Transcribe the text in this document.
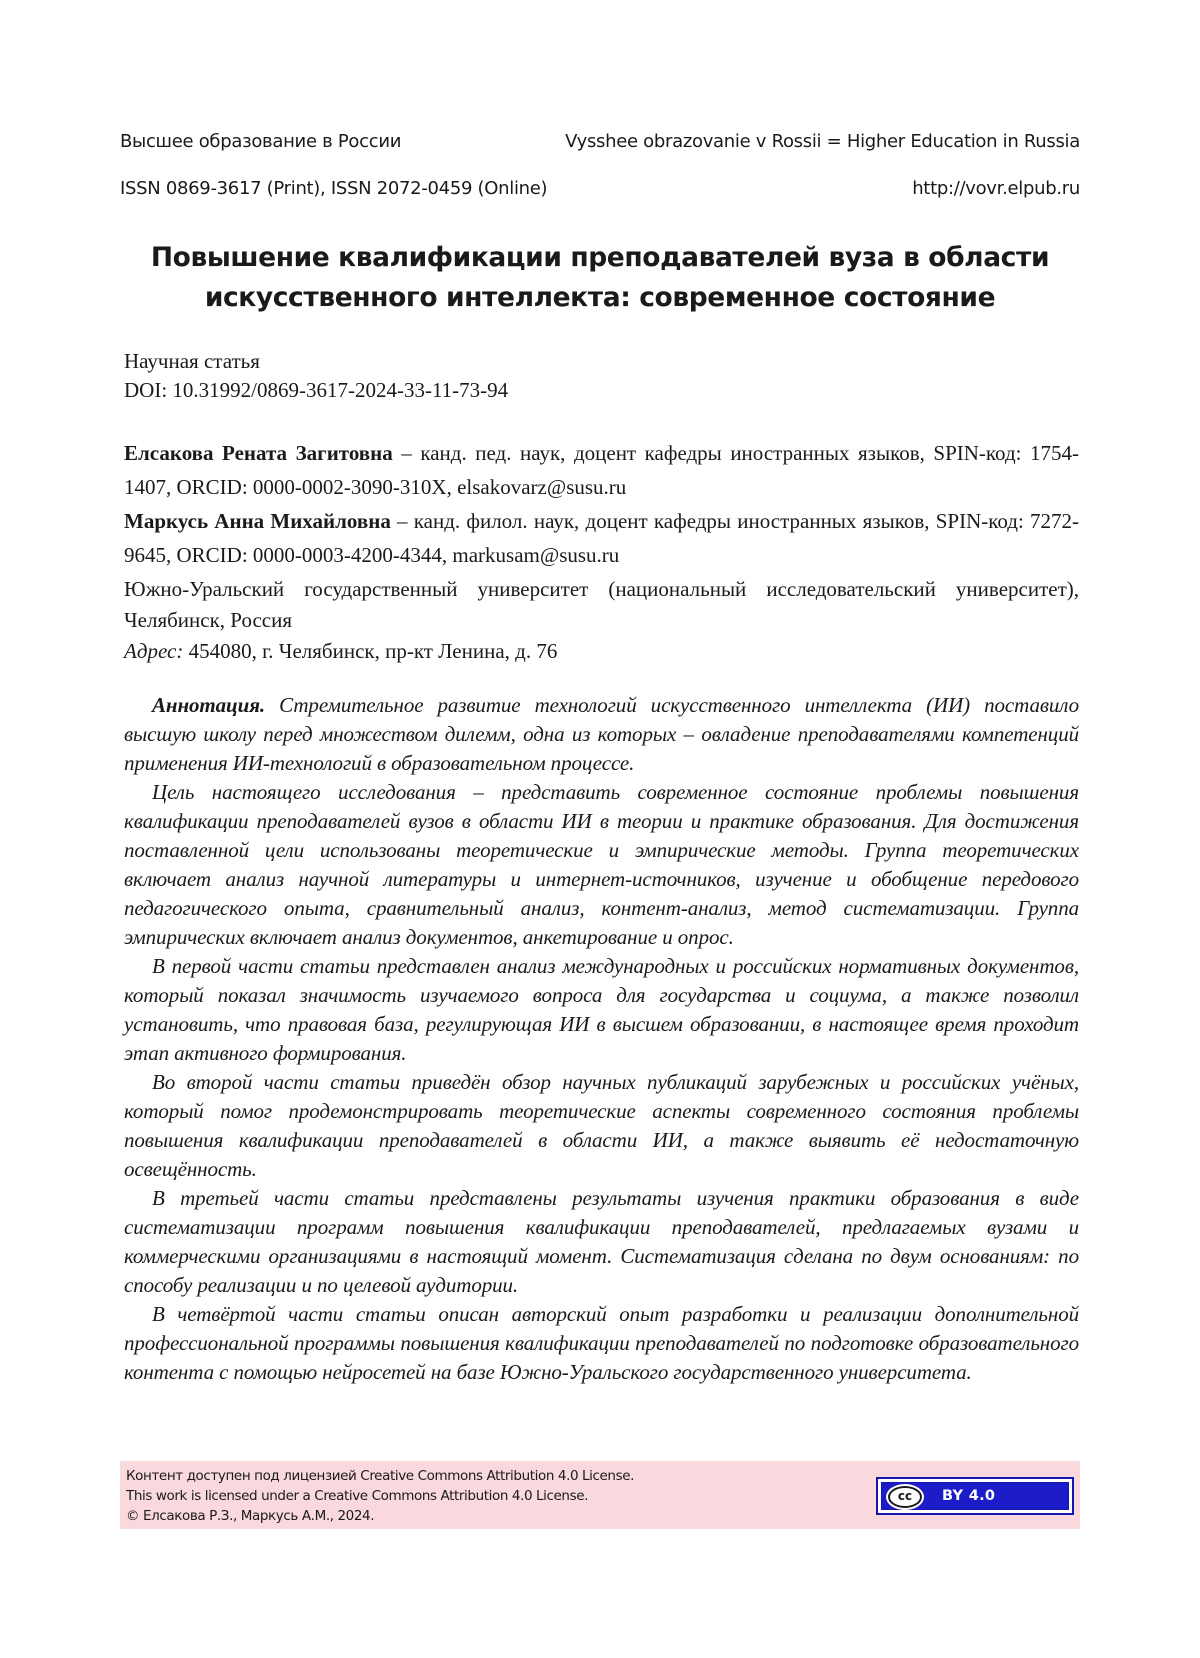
Высшее образование в России	Vysshee obrazovanie v Rossii = Higher Education in Russia
ISSN 0869-3617 (Print), ISSN 2072-0459 (Online)	http://vovr.elpub.ru
Повышение квалификации преподавателей вуза в области
искусственного интеллекта: современное состояние
Научная статья
DOI: 10.31992/0869-3617-2024-33-11-73-94

Елсакова Рената Загитовна – канд. пед. наук, доцент кафедры иностранных языков, SPIN-код: 1754-1407, ORCID: 0000-0002-3090-310X, elsakovarz@susu.ru

Маркусь Анна Михайловна – канд. филол. наук, доцент кафедры иностранных языков, SPIN-код: 7272-9645, ORCID: 0000-0003-4200-4344, markusam@susu.ru

Южно-Уральский государственный университет (национальный исследовательский университет), Челябинск, Россия
Адрес: 454080, г. Челябинск, пр-кт Ленина, д. 76

Аннотация. Стремительное развитие технологий искусственного интеллекта (ИИ) поставило высшую школу перед множеством дилемм, одна из которых – овладение преподавателями компетенций применения ИИ-технологий в образовательном процессе.

Цель настоящего исследования – представить современное состояние проблемы повышения квалификации преподавателей вузов в области ИИ в теории и практике образования. Для достижения поставленной цели использованы теоретические и эмпирические методы. Группа теоретических включает анализ научной литературы и интернет-источников, изучение и обобщение передового педагогического опыта, сравнительный анализ, контент-анализ, метод систематизации. Группа эмпирических включает анализ документов, анкетирование и опрос.

В первой части статьи представлен анализ международных и российских нормативных документов, который показал значимость изучаемого вопроса для государства и социума, а также позволил установить, что правовая база, регулирующая ИИ в высшем образовании, в настоящее время проходит этап активного формирования.

Во второй части статьи приведён обзор научных публикаций зарубежных и российских учёных, который помог продемонстрировать теоретические аспекты современного состояния проблемы повышения квалификации преподавателей в области ИИ, а также выявить её недостаточную освещённость.

В третьей части статьи представлены результаты изучения практики образования в виде систематизации программ повышения квалификации преподавателей, предлагаемых вузами и коммерческими организациями в настоящий момент. Систематизация сделана по двум основаниям: по способу реализации и по целевой аудитории.

В четвёртой части статьи описан авторский опыт разработки и реализации дополнительной профессиональной программы повышения квалификации преподавателей по подготовке образовательного контента с помощью нейросетей на базе Южно-Уральского государственного университета.

Контент доступен под лицензией Creative Commons Attribution 4.0 License.
This work is licensed under a Creative Commons Attribution 4.0 License.
© Елсакова Р.З., Маркусь А.М., 2024.
cc	BY 4.0
